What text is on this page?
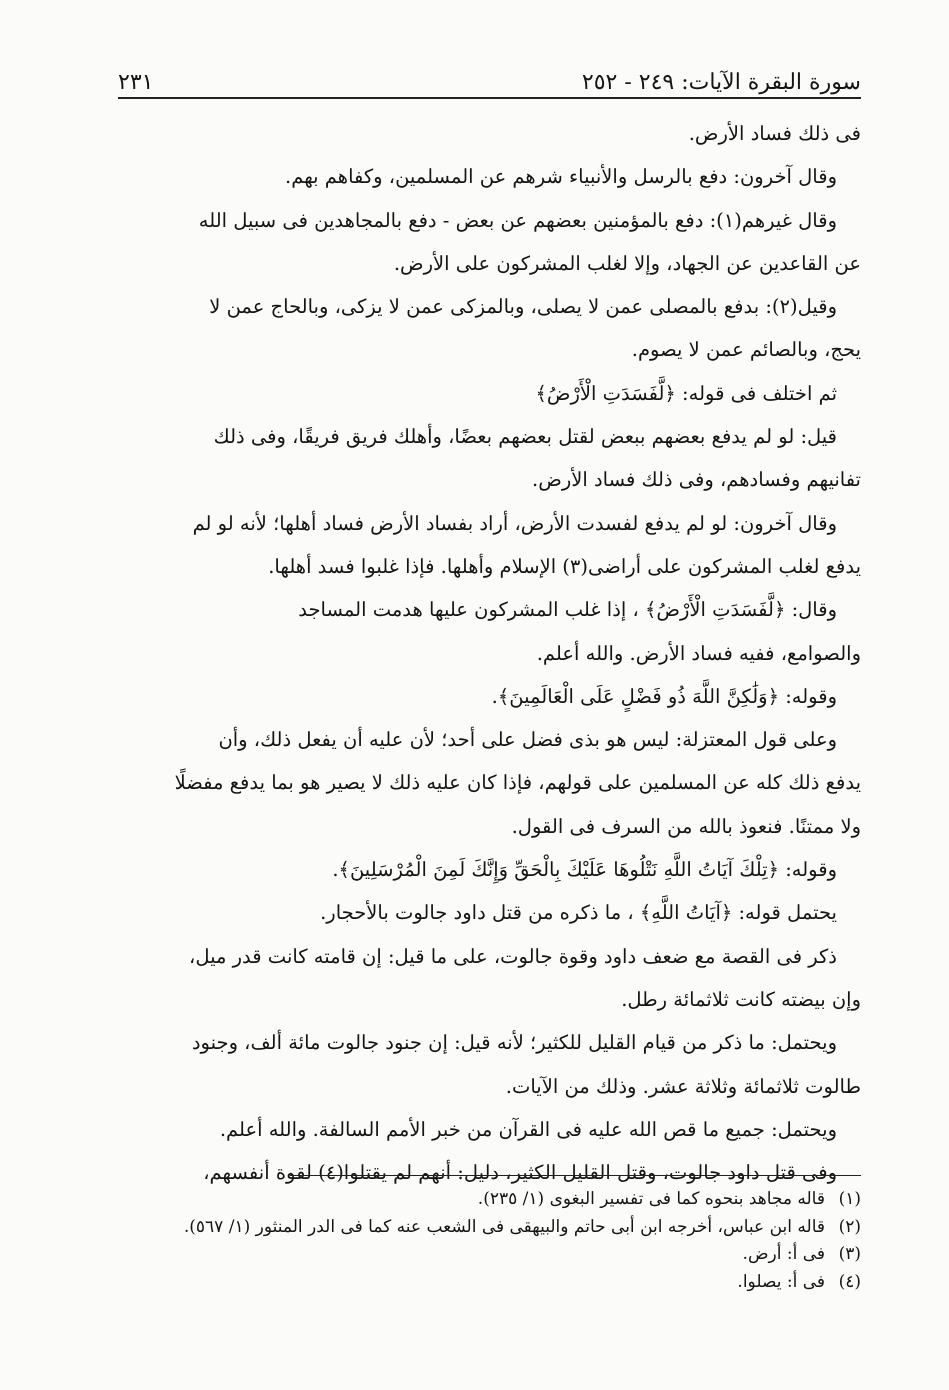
سورة البقرة الآيات: ٢٤٩ - ٢٥٢
٢٣١
فى ذلك فساد الأرض.
وقال آخرون: دفع بالرسل والأنبياء شرهم عن المسلمين، وكفاهم بهم.
وقال غيرهم(١): دفع بالمؤمنين بعضهم عن بعض - دفع بالمجاهدين فى سبيل الله
عن القاعدين عن الجهاد، وإلا لغلب المشركون على الأرض.
وقيل(٢): بدفع بالمصلى عمن لا يصلى، وبالمزكى عمن لا يزكى، وبالحاج عمن لا
يحج، وبالصائم عمن لا يصوم.
ثم اختلف فى قوله: ﴿لَّفَسَدَتِ الْأَرْضُ﴾
قيل: لو لم يدفع بعضهم ببعض لقتل بعضهم بعضًا، وأهلك فريق فريقًا، وفى ذلك
تفانيهم وفسادهم، وفى ذلك فساد الأرض.
وقال آخرون: لو لم يدفع لفسدت الأرض، أراد بفساد الأرض فساد أهلها؛ لأنه لو لم
يدفع لغلب المشركون على أراضى(٣) الإسلام وأهلها. فإذا غلبوا فسد أهلها.
وقال: ﴿لَّفَسَدَتِ الْأَرْضُ﴾ ، إذا غلب المشركون عليها هدمت المساجد
والصوامع، ففيه فساد الأرض. والله أعلم.
وقوله: ﴿وَلَٰكِنَّ اللَّهَ ذُو فَضْلٍ عَلَى الْعَالَمِينَ﴾.
وعلى قول المعتزلة: ليس هو بذى فضل على أحد؛ لأن عليه أن يفعل ذلك، وأن
يدفع ذلك كله عن المسلمين على قولهم، فإذا كان عليه ذلك لا يصير هو بما يدفع مفضلًا
ولا ممتنًا. فنعوذ بالله من السرف فى القول.
وقوله: ﴿تِلْكَ آيَاتُ اللَّهِ نَتْلُوهَا عَلَيْكَ بِالْحَقِّ وَإِنَّكَ لَمِنَ الْمُرْسَلِينَ﴾.
يحتمل قوله: ﴿آيَاتُ اللَّهِ﴾ ، ما ذكره من قتل داود جالوت بالأحجار.
ذكر فى القصة مع ضعف داود وقوة جالوت، على ما قيل: إن قامته كانت قدر ميل،
وإن بيضته كانت ثلاثمائة رطل.
ويحتمل: ما ذكر من قيام القليل للكثير؛ لأنه قيل: إن جنود جالوت مائة ألف، وجنود
طالوت ثلاثمائة وثلاثة عشر. وذلك من الآيات.
ويحتمل: جميع ما قص الله عليه فى القرآن من خبر الأمم السالفة. والله أعلم.
وفى قتل داود جالوت، وقتل القليل الكثير، دليل: أنهم لم يقتلوا(٤) لقوة أنفسهم،
(١)قاله مجاهد بنحوه كما فى تفسير البغوى (١/ ٢٣٥).
(٢)قاله ابن عباس، أخرجه ابن أبى حاتم والبيهقى فى الشعب عنه كما فى الدر المنثور (١/ ٥٦٧).
(٣)فى أ: أرض.
(٤)فى أ: يصلوا.
